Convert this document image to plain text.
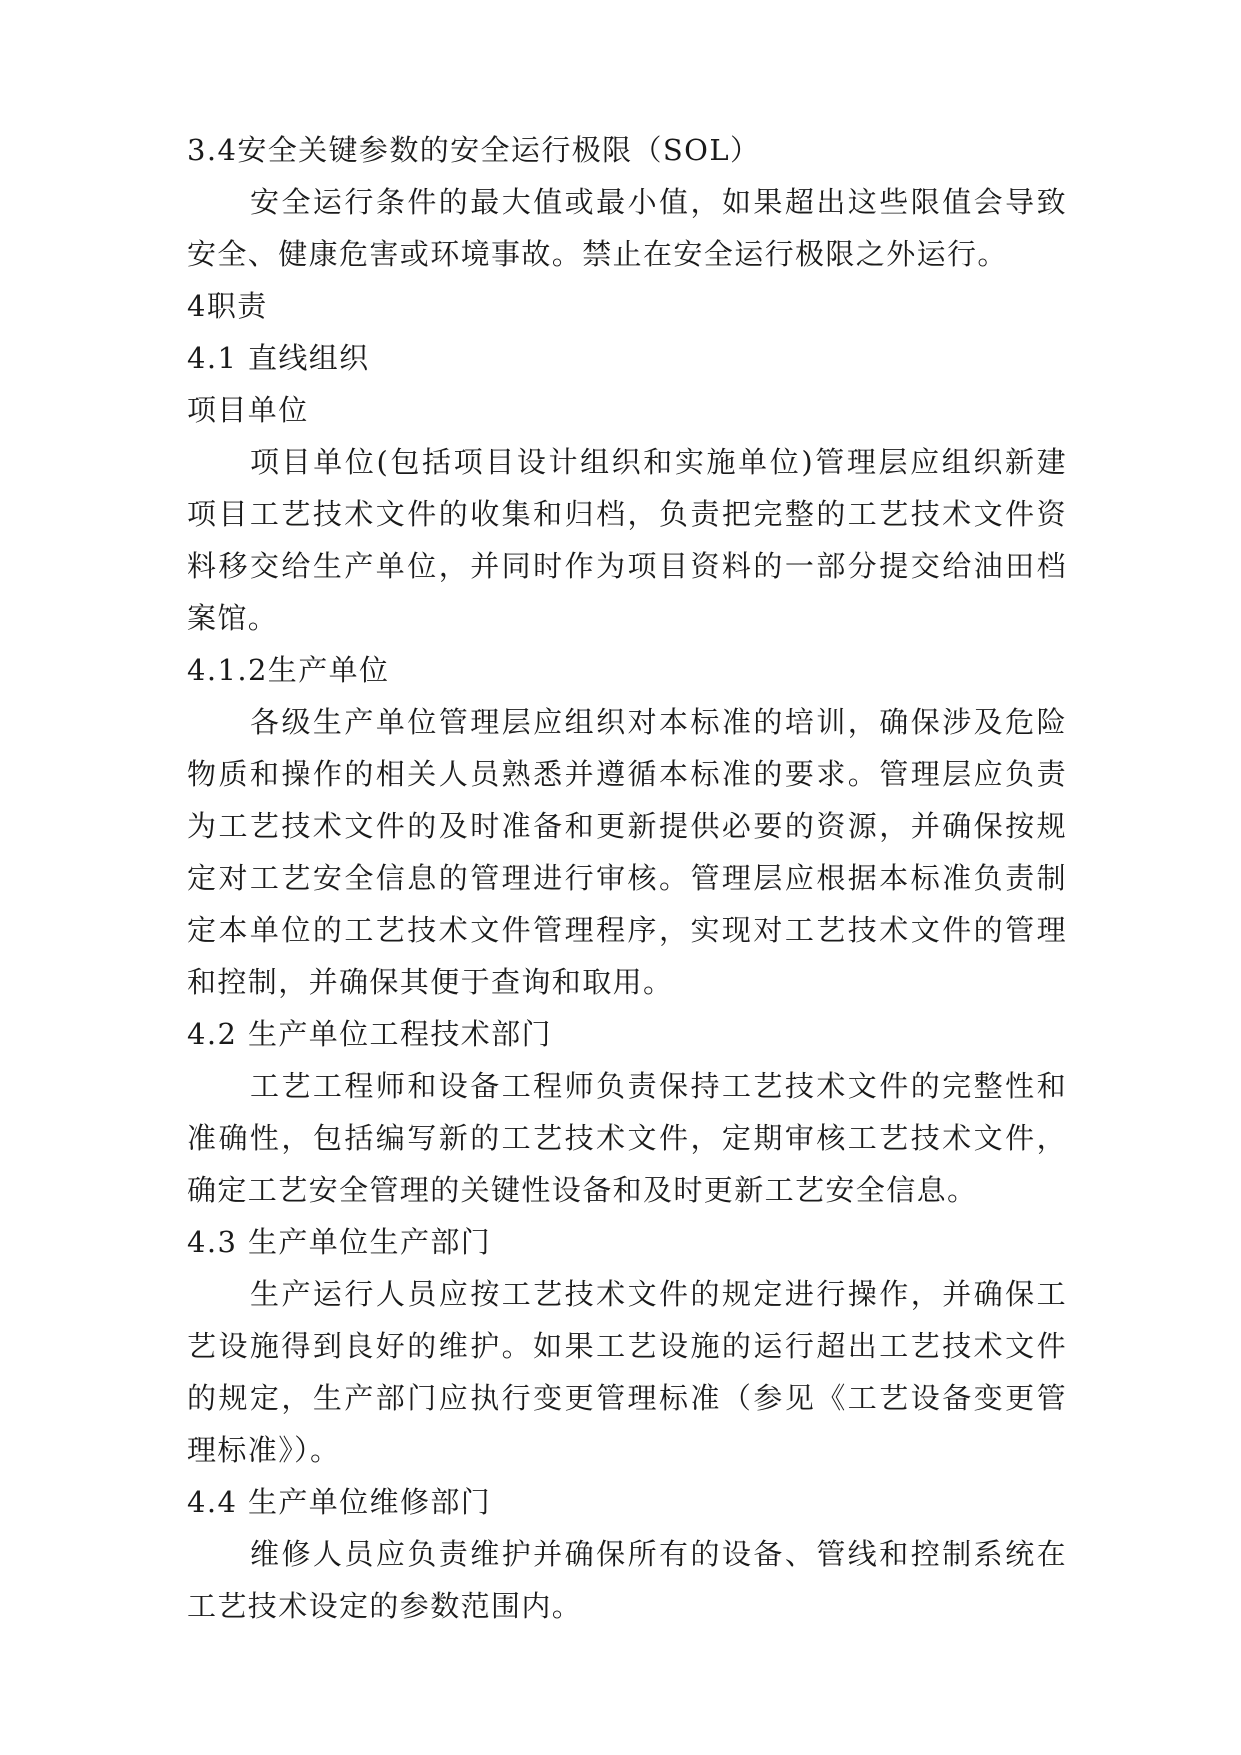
3.4安全关键参数的安全运行极限（SOL）
安全运行条件的最大值或最小值，如果超出这些限值会导致
安全、健康危害或环境事故。禁止在安全运行极限之外运行。
4职责
4.1 直线组织
项目单位
项目单位(包括项目设计组织和实施单位)管理层应组织新建
项目工艺技术文件的收集和归档，负责把完整的工艺技术文件资
料移交给生产单位，并同时作为项目资料的一部分提交给油田档
案馆。
4.1.2生产单位
各级生产单位管理层应组织对本标准的培训，确保涉及危险
物质和操作的相关人员熟悉并遵循本标准的要求。管理层应负责
为工艺技术文件的及时准备和更新提供必要的资源，并确保按规
定对工艺安全信息的管理进行审核。管理层应根据本标准负责制
定本单位的工艺技术文件管理程序，实现对工艺技术文件的管理
和控制，并确保其便于查询和取用。
4.2 生产单位工程技术部门
工艺工程师和设备工程师负责保持工艺技术文件的完整性和
准确性，包括编写新的工艺技术文件，定期审核工艺技术文件，
确定工艺安全管理的关键性设备和及时更新工艺安全信息。
4.3 生产单位生产部门
生产运行人员应按工艺技术文件的规定进行操作，并确保工
艺设施得到良好的维护。如果工艺设施的运行超出工艺技术文件
的规定，生产部门应执行变更管理标准（参见《工艺设备变更管
理标准》）。
4.4 生产单位维修部门
维修人员应负责维护并确保所有的设备、管线和控制系统在
工艺技术设定的参数范围内。
